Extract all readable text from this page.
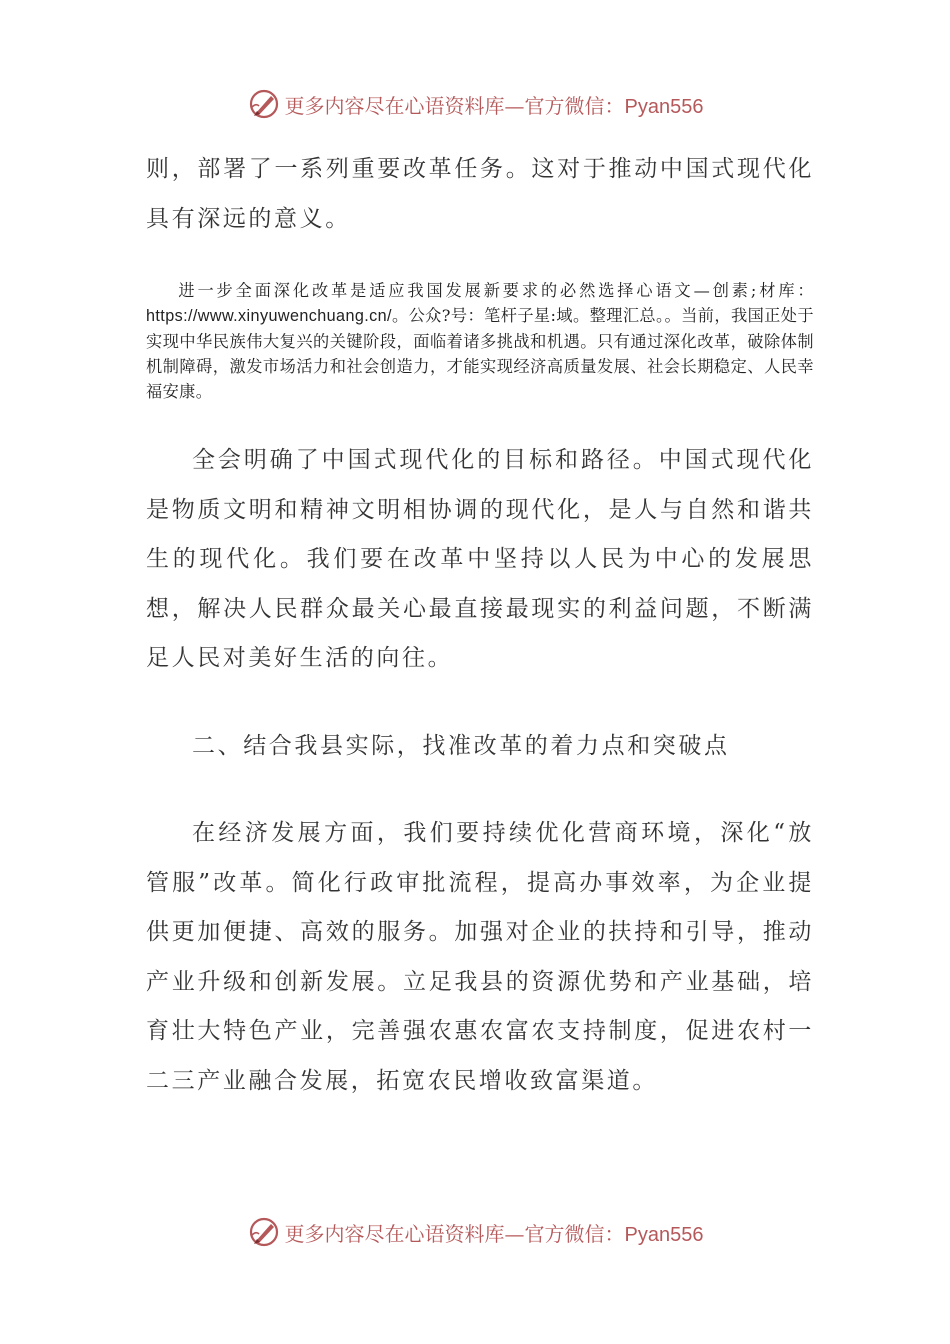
更多内容尽在心语资料库—官方微信：Pyan556

则，部署了一系列重要改革任务。这对于推动中国式现代化具有深远的意义。

进一步全面深化改革是适应我国发展新要求的必然选择心语文—创素;材库：https://www.xinyuwenchuang.cn/。公众?号：笔杆子星:域。整理汇总。。当前，我国正处于实现中华民族伟大复兴的关键阶段，面临着诸多挑战和机遇。只有通过深化改革，破除体制机制障碍，激发市场活力和社会创造力，才能实现经济高质量发展、社会长期稳定、人民幸福安康。

全会明确了中国式现代化的目标和路径。中国式现代化是物质文明和精神文明相协调的现代化，是人与自然和谐共生的现代化。我们要在改革中坚持以人民为中心的发展思想，解决人民群众最关心最直接最现实的利益问题，不断满足人民对美好生活的向往。

二、结合我县实际，找准改革的着力点和突破点

在经济发展方面，我们要持续优化营商环境，深化“放管服”改革。简化行政审批流程，提高办事效率，为企业提供更加便捷、高效的服务。加强对企业的扶持和引导，推动产业升级和创新发展。立足我县的资源优势和产业基础，培育壮大特色产业，完善强农惠农富农支持制度，促进农村一二三产业融合发展，拓宽农民增收致富渠道。

更多内容尽在心语资料库—官方微信：Pyan556
